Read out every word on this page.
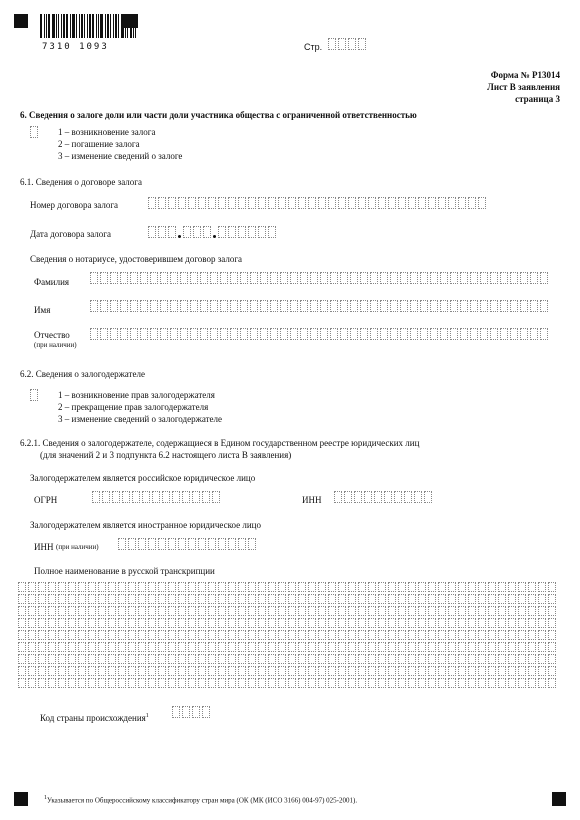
7310 1093	Стр.
Форма № Р13014
Лист В заявления
страница 3
6. Сведения о залоге доли или части доли участника общества с ограниченной ответственностью
1 – возникновение залога
2 – погашение залога
3 – изменение сведений о залоге
6.1. Сведения о договоре залога
Номер договора залога
Дата договора залога
Сведения о нотариусе, удостоверившем договор залога
Фамилия
Имя
Отчество
(при наличии)
6.2. Сведения о залогодержателе
1 – возникновение прав залогодержателя
2 – прекращение прав залогодержателя
3 – изменение сведений о залогодержателе
6.2.1. Сведения о залогодержателе, содержащиеся в Едином государственном реестре юридических лиц
(для значений 2 и 3 подпункта 6.2 настоящего листа В заявления)
Залогодержателем является российское юридическое лицо
ОГРН	ИНН
Залогодержателем является иностранное юридическое лицо
ИНН (при наличии)
Полное наименование в русской транскрипции
Код страны происхождения$^1$
$^1$Указывается по Общероссийскому классификатору стран мира (ОК (МК (ИСО 3166) 004-97) 025-2001).
